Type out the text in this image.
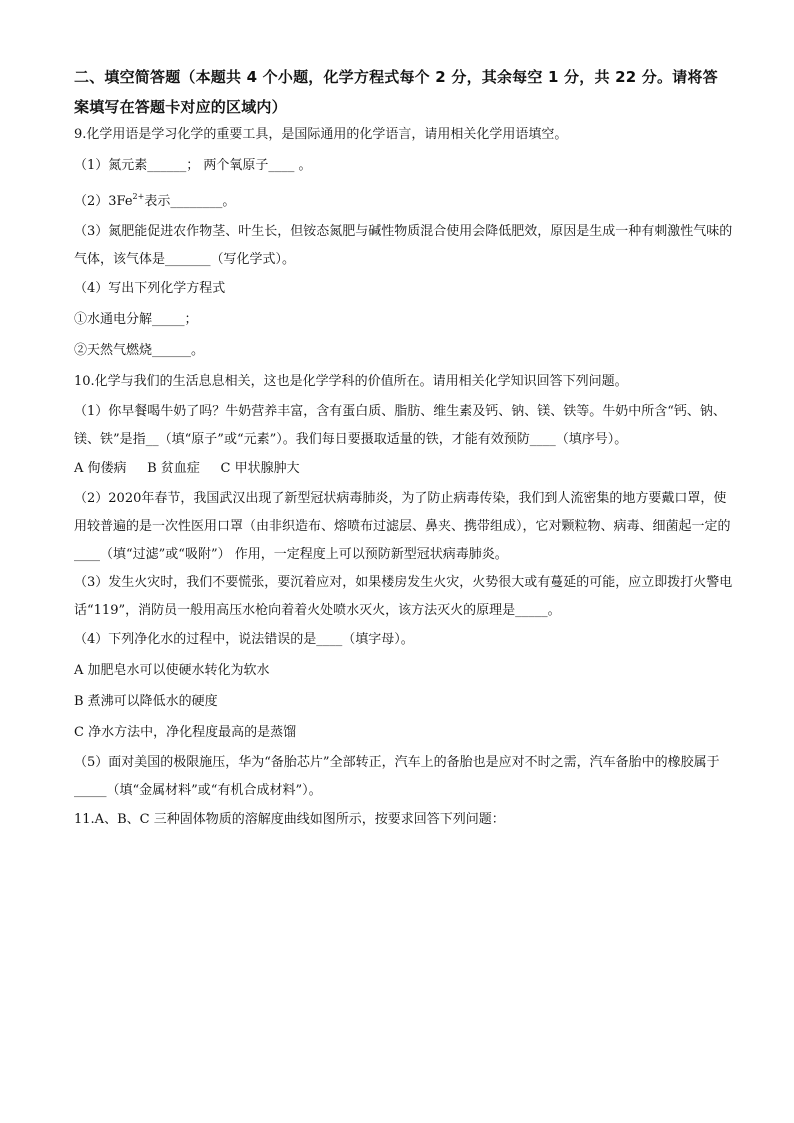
二、填空简答题（本题共 4 个小题，化学方程式每个 2 分，其余每空 1 分，共 22 分。请将答
案填写在答题卡对应的区域内）

9.化学用语是学习化学的重要工具，是国际通用的化学语言，请用相关化学用语填空。

（1）氮元素______； 两个氧原子____ 。

$(2)3Fe^{2+}$表示________。

（3）氮肥能促进农作物茎、叶生长，但铵态氮肥与碱性物质混合使用会降低肥效，原因是生成一种有刺激性气味的气体，该气体是_______（写化学式）。

（4）写出下列化学方程式

①水通电分解_____；

②天然气燃烧______。

10.化学与我们的生活息息相关，这也是化学学科的价值所在。请用相关化学知识回答下列问题。

（1）你早餐喝牛奶了吗？牛奶营养丰富，含有蛋白质、脂肪、维生素及钙、钠、镁、铁等。牛奶中所含“钙、钠、镁、铁”是指__（填“原子”或“元素”）。我们每日要摄取适量的铁，才能有效预防____（填序号）。

A 佝偻病     B 贫血症     C 甲状腺肿大

（2）2020年春节，我国武汉出现了新型冠状病毒肺炎，为了防止病毒传染，我们到人流密集的地方要戴口罩，使用较普遍的是一次性医用口罩（由非织造布、熔喷布过滤层、鼻夹、携带组成），它对颗粒物、病毒、细菌起一定的____（填“过滤”或“吸附”） 作用，一定程度上可以预防新型冠状病毒肺炎。

（3）发生火灾时，我们不要慌张，要沉着应对，如果楼房发生火灾，火势很大或有蔓延的可能，应立即拨打火警电话“119”，消防员一般用高压水枪向着着火处喷水灭火，该方法灭火的原理是_____。

（4）下列净化水的过程中，说法错误的是____（填字母）。

A 加肥皂水可以使硬水转化为软水

B 煮沸可以降低水的硬度

C 净水方法中，净化程度最高的是蒸馏

（5）面对美国的极限施压，华为“备胎芯片”全部转正，汽车上的备胎也是应对不时之需，汽车备胎中的橡胶属于_____（填“金属材料”或“有机合成材料”）。

11.A、B、C 三种固体物质的溶解度曲线如图所示，按要求回答下列问题：
